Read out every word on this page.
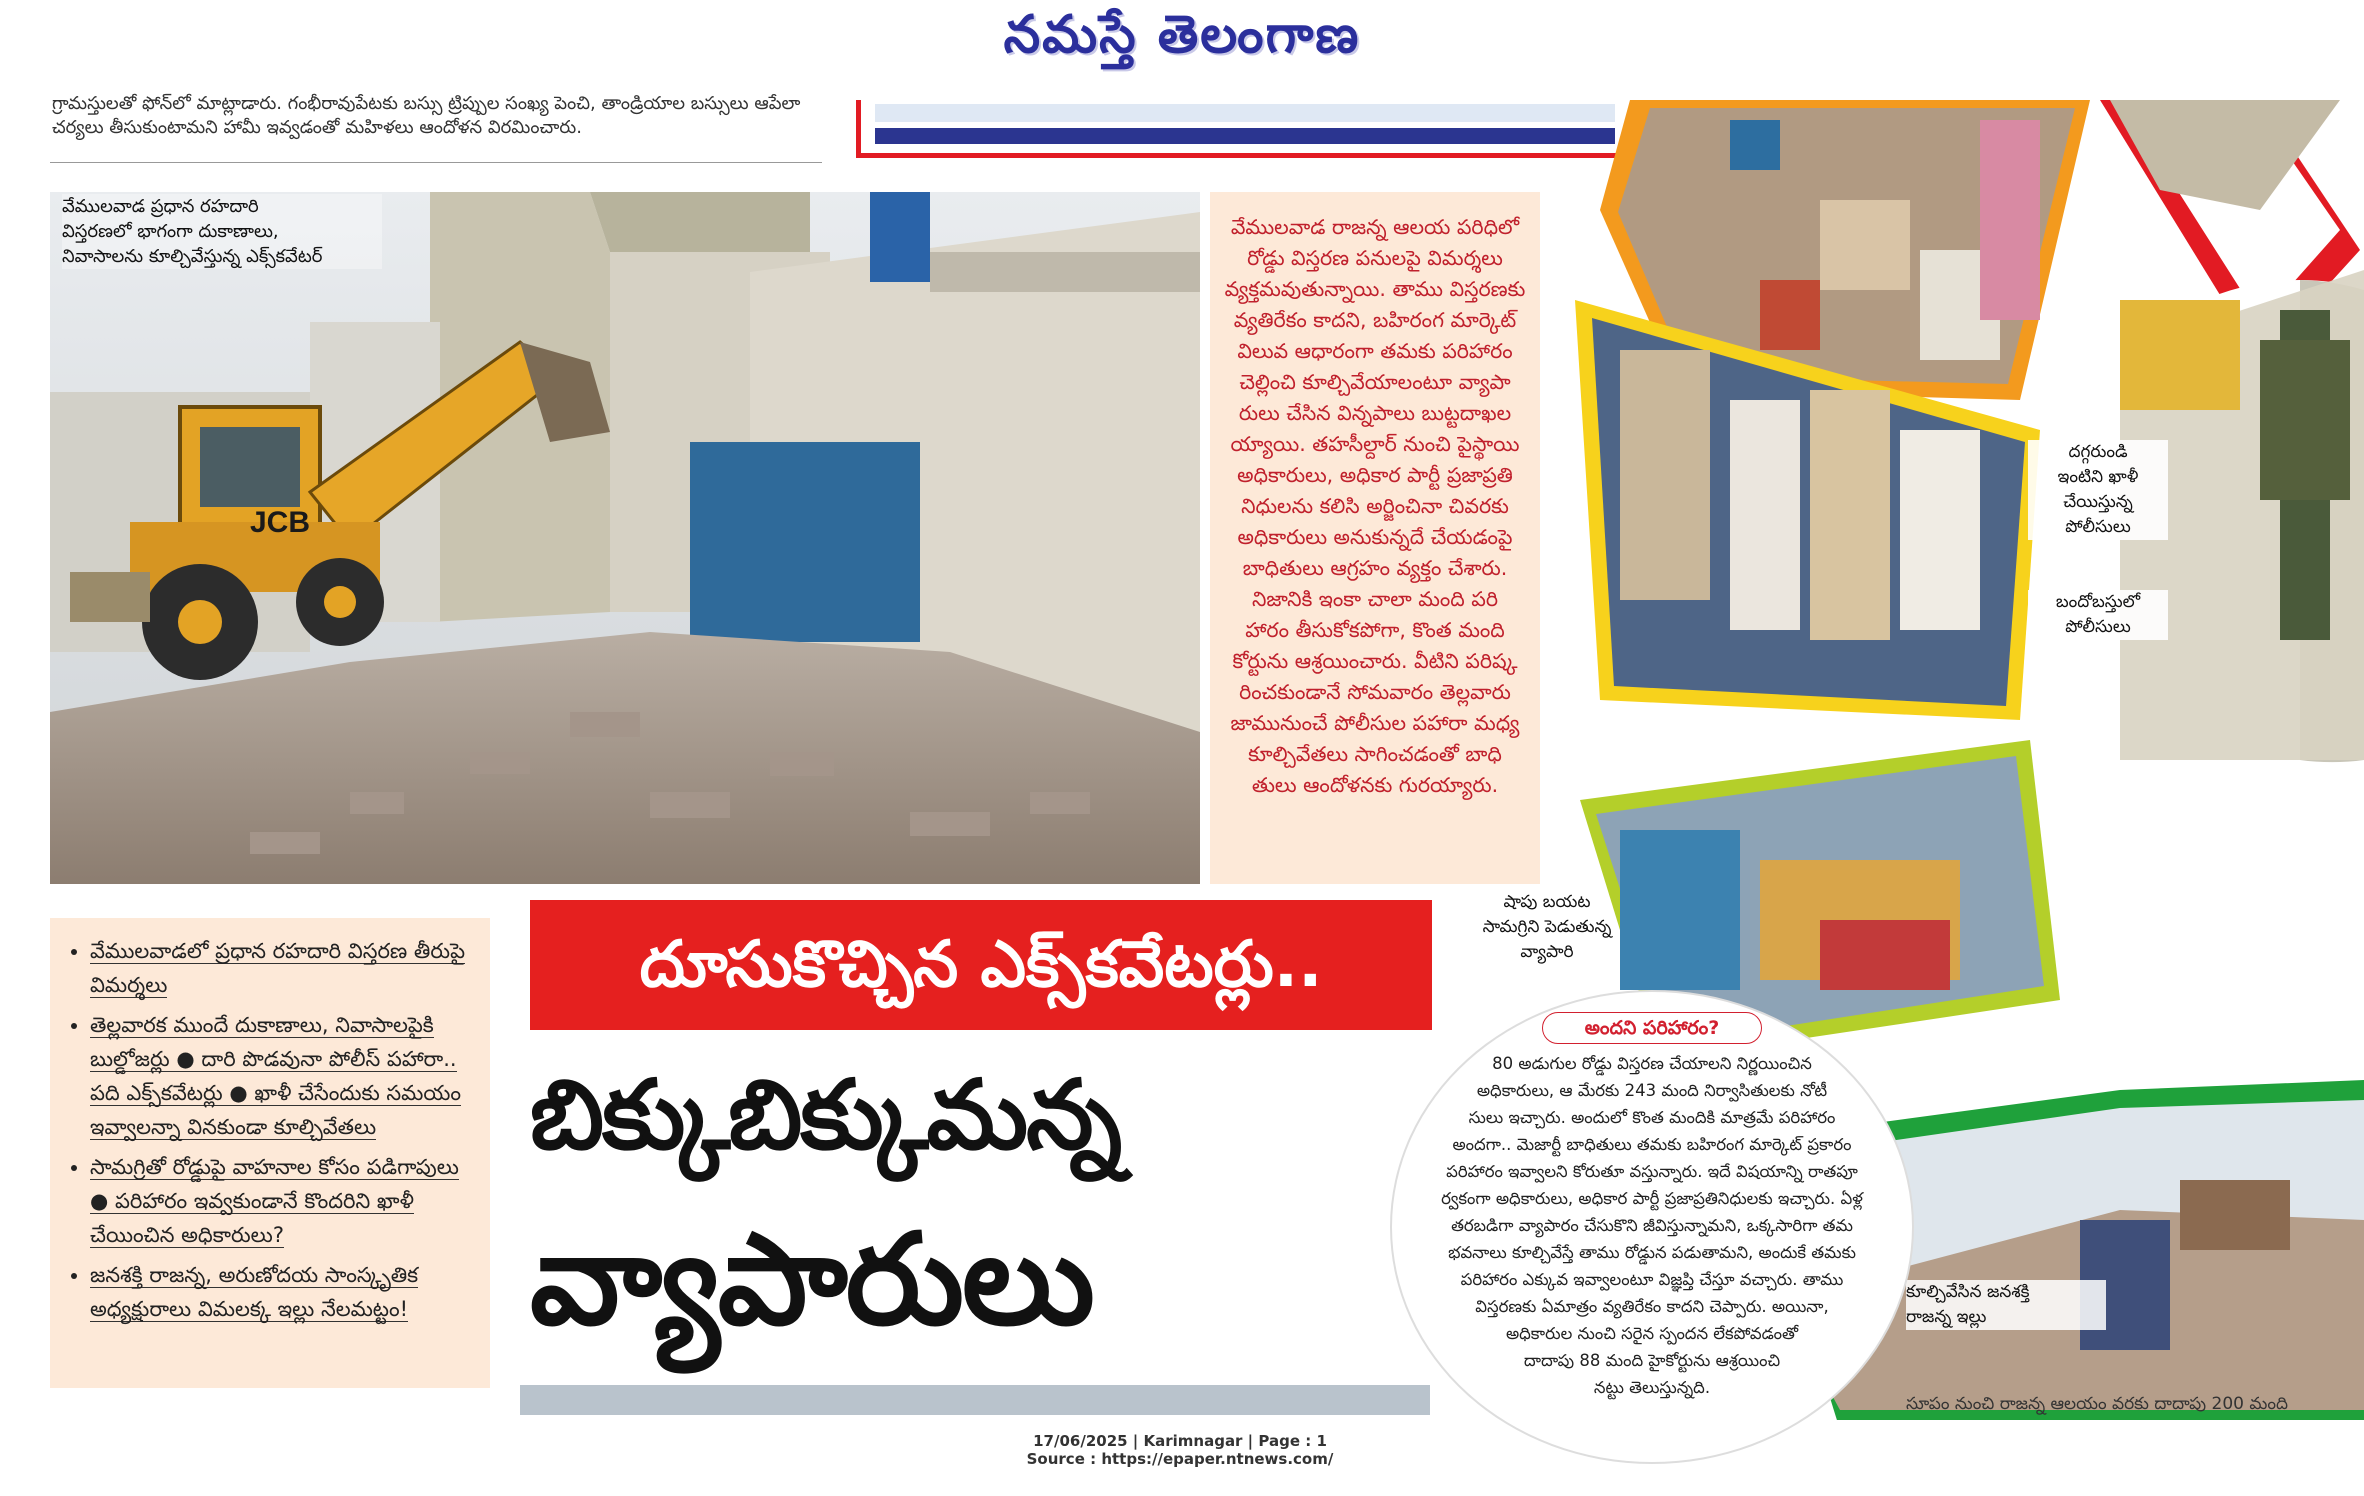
నమస్తే తెలంగాణ
గ్రామస్తులతో ఫోన్‌లో మాట్లాడారు. గంభీరావుపేటకు బస్సు ట్రిప్పుల సంఖ్య పెంచి, తాండ్రియాల బస్సులు ఆపేలా
చర్యలు తీసుకుంటామని హామీ ఇవ్వడంతో మహిళలు ఆందోళన విరమించారు.
JCB
వేములవాడ ప్రధాన రహదారి
విస్తరణలో భాగంగా దుకాణాలు,
నివాసాలను కూల్చివేస్తున్న ఎక్స్‌కవేటర్
వేములవాడ రాజన్న ఆలయ పరిధిలో
రోడ్డు విస్తరణ పనులపై విమర్శలు
వ్యక్తమవుతున్నాయి. తాము విస్తరణకు
వ్యతిరేకం కాదని, బహిరంగ మార్కెట్
విలువ ఆధారంగా తమకు పరిహారం
చెల్లించి కూల్చివేయాలంటూ వ్యాపా
రులు చేసిన విన్నపాలు బుట్టదాఖల
య్యాయి. తహసీల్దార్ నుంచి పైస్థాయి
అధికారులు, అధికార పార్టీ ప్రజాప్రతి
నిధులను కలిసి అర్జించినా చివరకు
అధికారులు అనుకున్నదే చేయడంపై
బాధితులు ఆగ్రహం వ్యక్తం చేశారు.
నిజానికి ఇంకా చాలా మంది పరి
హారం తీసుకోకపోగా, కొంత మంది
కోర్టును ఆశ్రయించారు. వీటిని పరిష్క
రించకుండానే సోమవారం తెల్లవారు
జామునుంచే పోలీసుల పహారా మధ్య
కూల్చివేతలు సాగించడంతో బాధి
తులు ఆందోళనకు గురయ్యారు.
దగ్గరుండి
ఇంటిని ఖాళీ
చేయిస్తున్న
పోలీసులు
బందోబస్తులో
పోలీసులు
కూల్చివేసిన జనశక్తి
రాజన్న ఇల్లు
షాపు బయట
సామగ్రిని పెడుతున్న
వ్యాపారి
• వేములవాడలో ప్రధాన రహదారి విస్తరణ తీరుపై విమర్శలు
• తెల్లవారక ముందే దుకాణాలు, నివాసాలపైకి బుల్డోజర్లు ● దారి పొడవునా పోలీస్ పహారా.. పది ఎక్స్‌కవేటర్లు ● ఖాళీ చేసేందుకు సమయం ఇవ్వాలన్నా వినకుండా కూల్చివేతలు
• సామగ్రితో రోడ్డుపై వాహనాల కోసం పడిగాపులు ● పరిహారం ఇవ్వకుండానే కొందరిని ఖాళీ చేయించిన అధికారులు?
• జనశక్తి రాజన్న, అరుణోదయ సాంస్కృతిక అధ్యక్షురాలు విమలక్క ఇల్లు నేలమట్టం!
దూసుకొచ్చిన ఎక్స్‌కవేటర్లు..
బిక్కుబిక్కుమన్న
వ్యాపారులు
అందని పరిహారం?
80 అడుగుల రోడ్డు విస్తరణ చేయాలని నిర్ణయించిన
అధికారులు, ఆ మేరకు 243 మంది నిర్వాసితులకు నోటీ
సులు ఇచ్చారు. అందులో కొంత మందికి మాత్రమే పరిహారం
అందగా.. మెజార్టీ బాధితులు తమకు బహిరంగ మార్కెట్ ప్రకారం
పరిహారం ఇవ్వాలని కోరుతూ వస్తున్నారు. ఇదే విషయాన్ని రాతపూ
ర్వకంగా అధికారులు, అధికార పార్టీ ప్రజాప్రతినిధులకు ఇచ్చారు. ఏళ్ల
తరబడిగా వ్యాపారం చేసుకొని జీవిస్తున్నామని, ఒక్కసారిగా తమ
భవనాలు కూల్చివేస్తే తాము రోడ్డున పడుతామని, అందుకే తమకు
పరిహారం ఎక్కువ ఇవ్వాలంటూ విజ్ఞప్తి చేస్తూ వచ్చారు. తాము
విస్తరణకు ఏమాత్రం వ్యతిరేకం కాదని చెప్పారు. అయినా,
అధికారుల నుంచి సరైన స్పందన లేకపోవడంతో
దాదాపు 88 మంది హైకోర్టును ఆశ్రయించి
నట్టు తెలుస్తున్నది.
సూపం నుంచి రాజన్న ఆలయం వరకు దాదాపు 200 మంది
17/06/2025 | Karimnagar | Page : 1
Source : https://epaper.ntnews.com/
